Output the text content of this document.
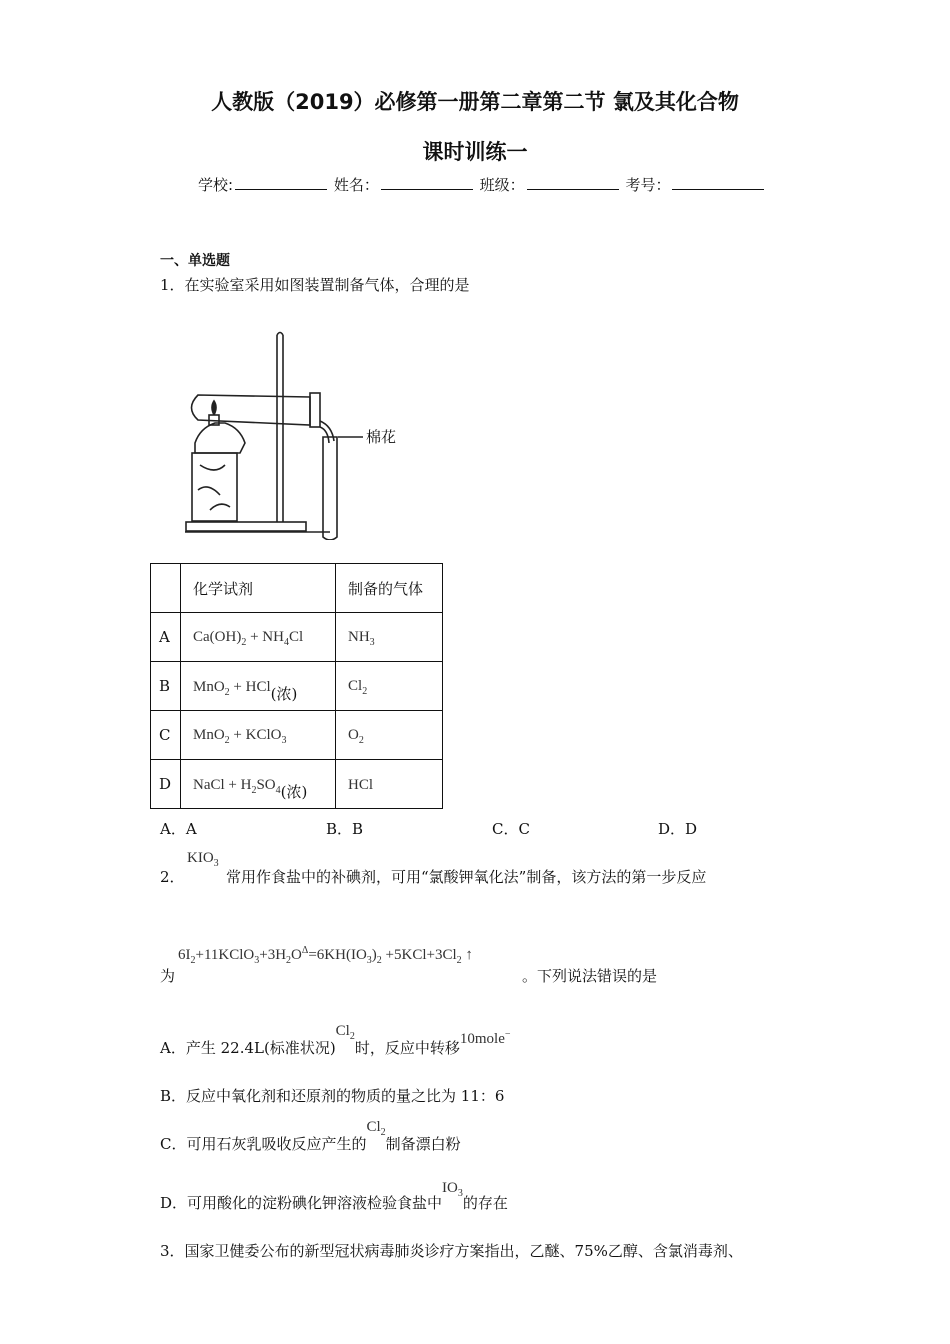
人教版（2019）必修第一册第二章第二节 氯及其化合物
课时训练一
学校:	姓名：	班级：	考号：
一、单选题
1．在实验室采用如图装置制备气体，合理的是
棉花
	化学试剂	制备的气体
A	$Ca(OH)_2 + NH_4Cl$	$NH_3$
B	MnO$_2$ + HCl(浓)	$Cl_2$
C	MnO$_2$ + KClO$_3$	$O_2$
D	NaCl + $H_2SO_4$(浓)	HCl
A．A	B．B	C．C	D．D
2．
$KIO_3$
常用作食盐中的补碘剂，可用“氯酸钾氧化法”制备，该方法的第一步反应
为
$6I_2+11KClO_3+3H_2O^\Delta=6KH(IO_3)_2 +5KCl+3Cl_2$ ↑
。下列说法错误的是
A．产生 22.4L(标准状况)$Cl_2$时，反应中转移10mole−
B．反应中氧化剂和还原剂的物质的量之比为 11：6
C．可用石灰乳吸收反应产生的$Cl_2$制备漂白粉
D．可用酸化的淀粉碘化钾溶液检验食盐中$IO_3$的存在
3．国家卫健委公布的新型冠状病毒肺炎诊疗方案指出，乙醚、75%乙醇、含氯消毒剂、
